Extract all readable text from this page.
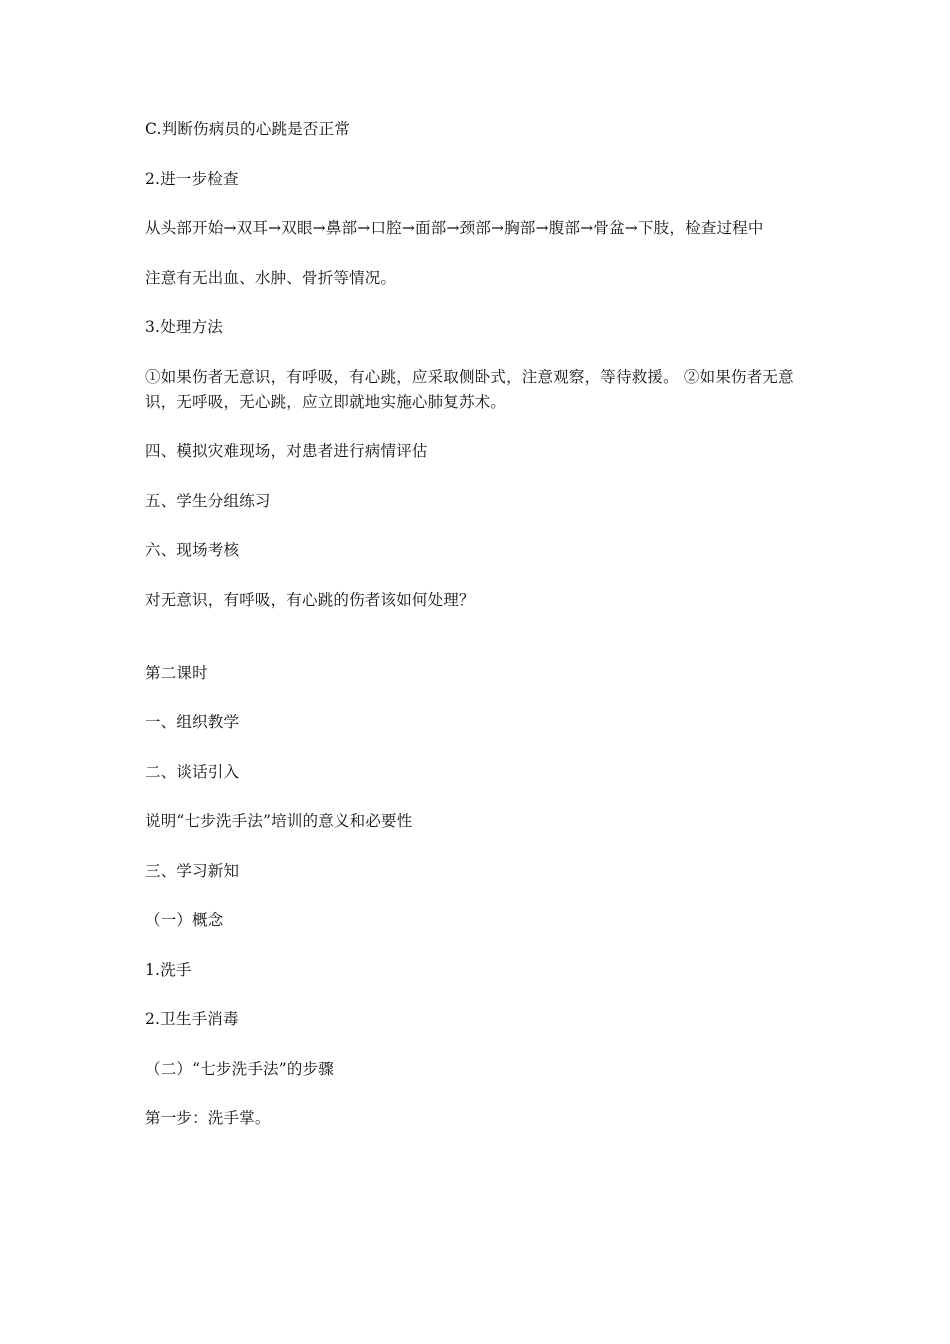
C.判断伤病员的心跳是否正常

2.进一步检查

从头部开始→双耳→双眼→鼻部→口腔→面部→颈部→胸部→腹部→骨盆→下肢，检查过程中

注意有无出血、水肿、骨折等情况。

3.处理方法

①如果伤者无意识，有呼吸，有心跳，应采取侧卧式，注意观察，等待救援。 ②如果伤者无意识，无呼吸，无心跳，应立即就地实施心肺复苏术。

四、模拟灾难现场，对患者进行病情评估

五、学生分组练习

六、现场考核

对无意识，有呼吸，有心跳的伤者该如何处理？

第二课时

一、组织教学

二、谈话引入

说明“七步洗手法”培训的意义和必要性

三、学习新知

（一）概念

1.洗手

2.卫生手消毒

（二）“七步洗手法”的步骤

第一步：洗手掌。
